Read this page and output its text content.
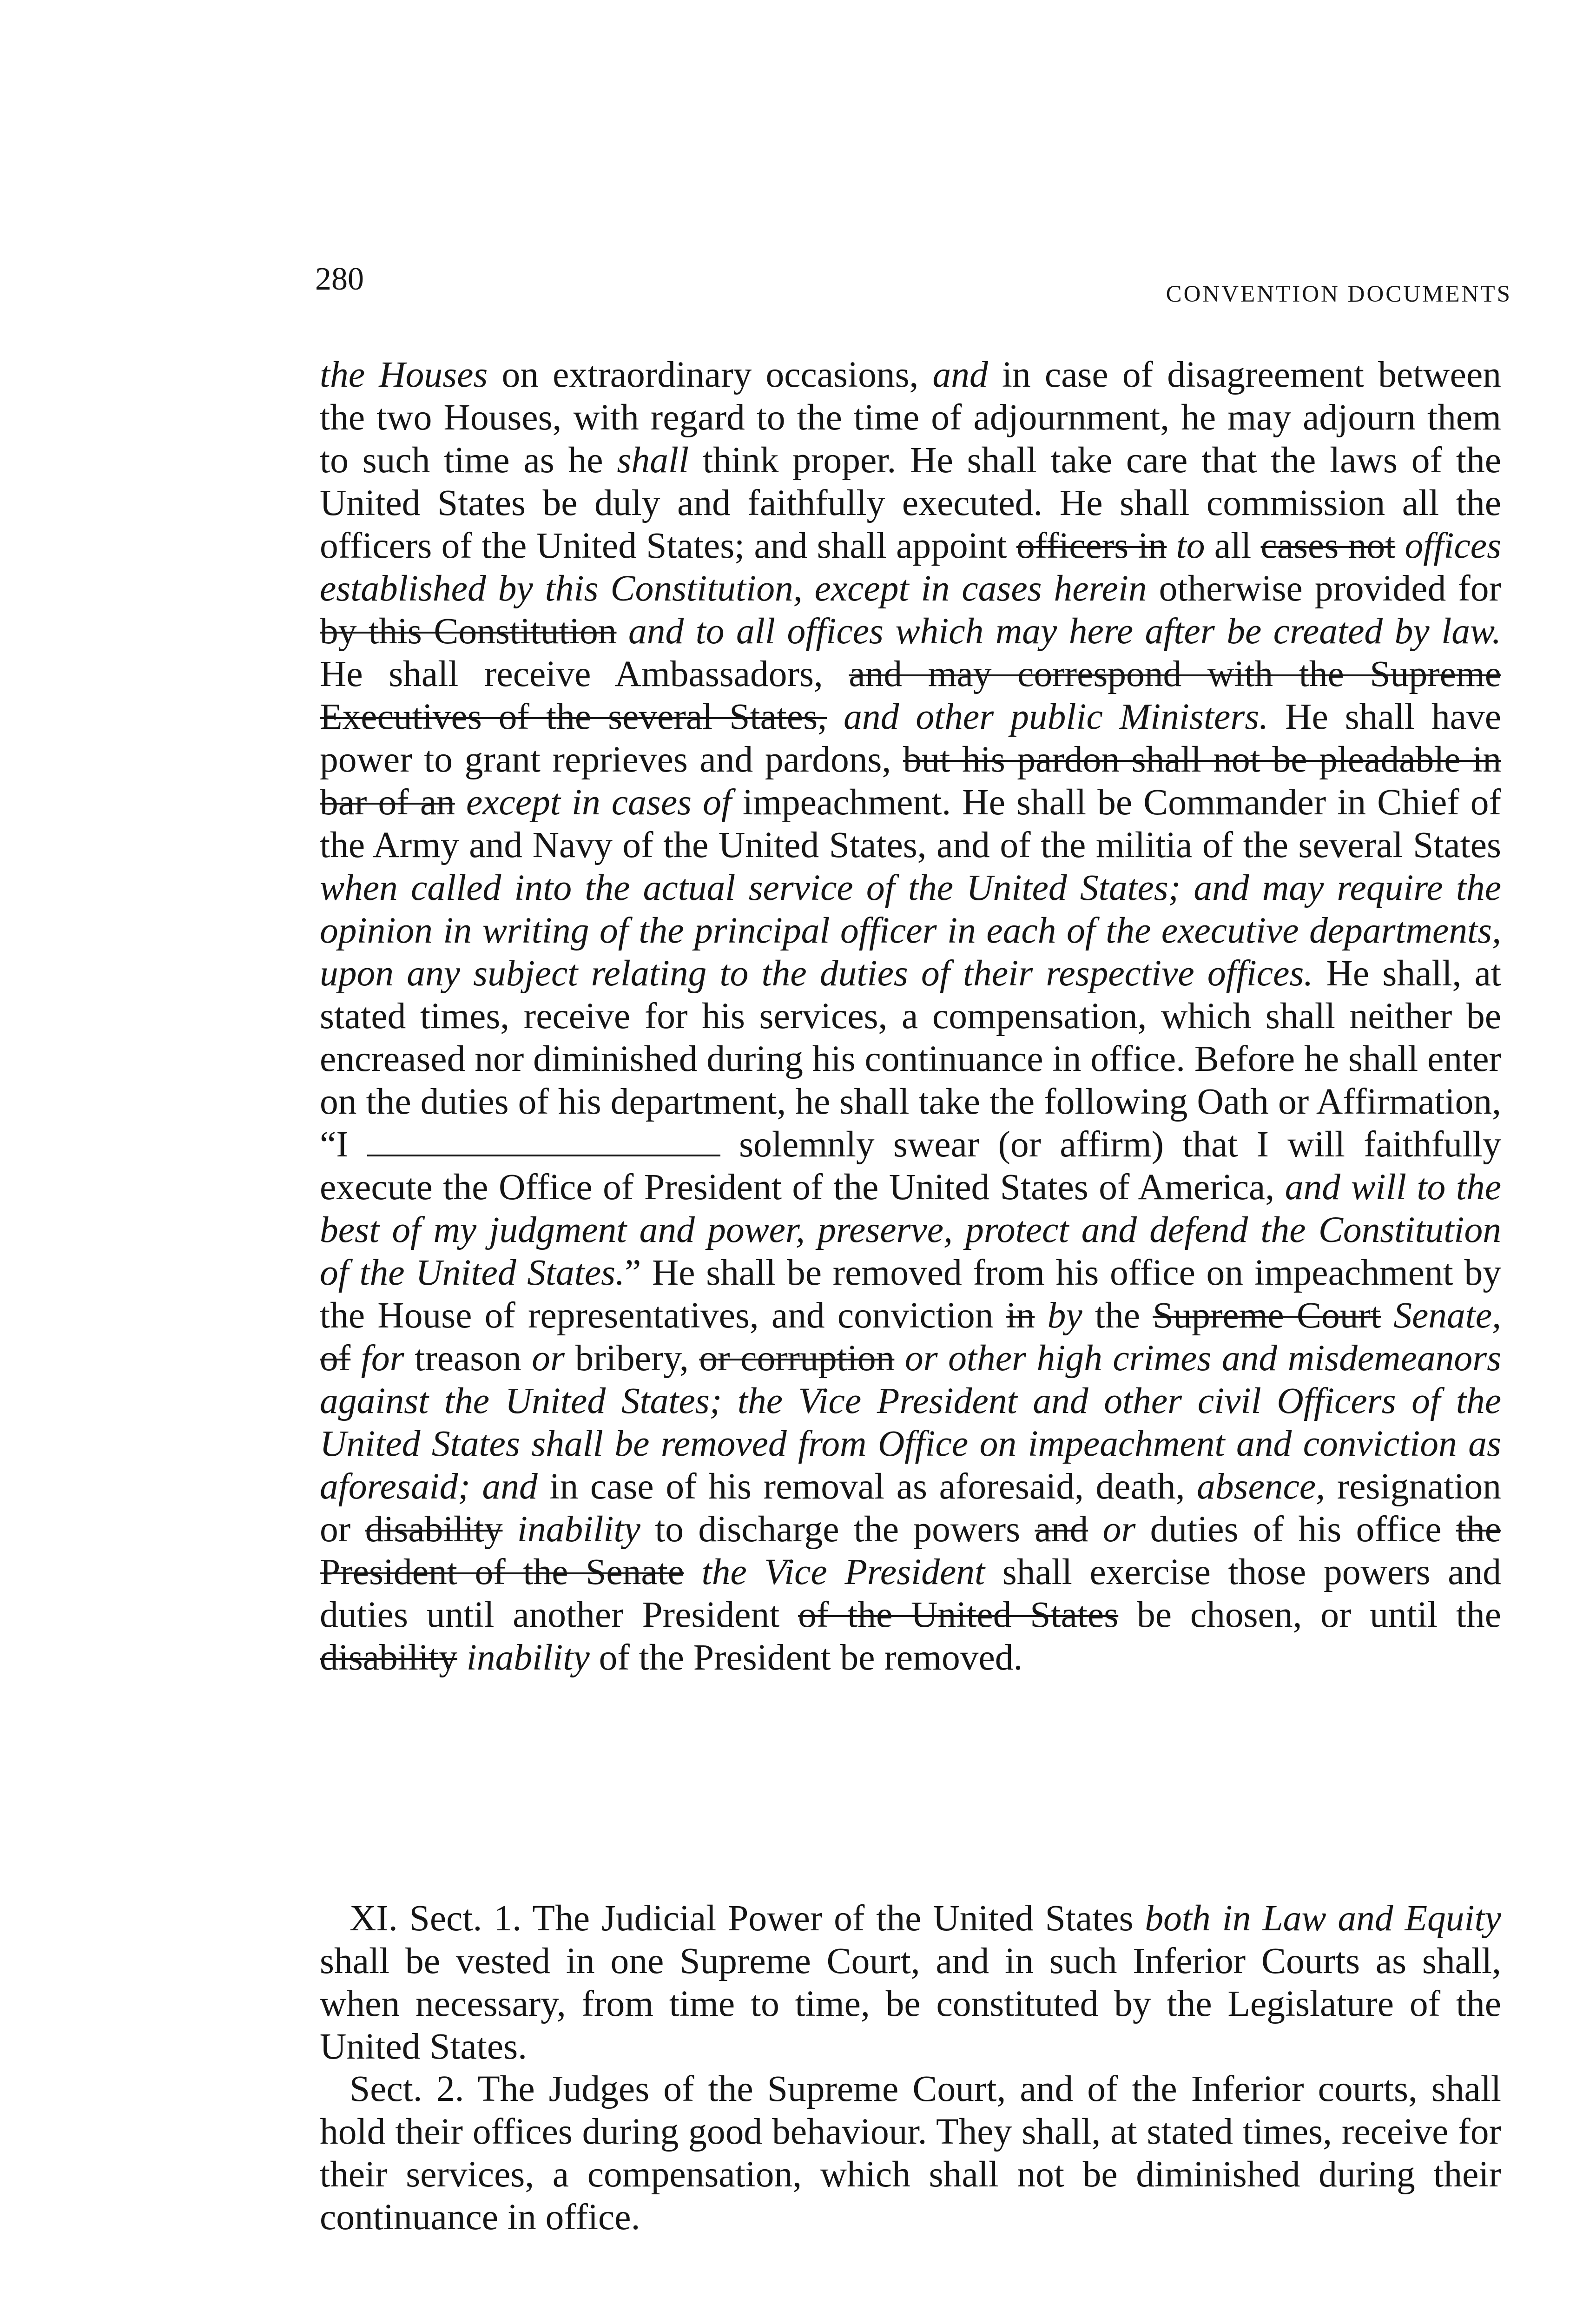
280	CONVENTION DOCUMENTS

the Houses on extraordinary occasions, and in case of disagreement between the two Houses, with regard to the time of adjournment, he may adjourn them to such time as he shall think proper. He shall take care that the laws of the United States be duly and faithfully executed. He shall commission all the officers of the United States; and shall appoint officers in to all cases not offices established by this Constitution, except in cases herein otherwise provided for by this Constitution and to all offices which may here after be created by law. He shall receive Ambassadors, and may correspond with the Supreme Executives of the several States, and other public Ministers. He shall have power to grant reprieves and pardons, but his pardon shall not be pleadable in bar of an except in cases of impeachment. He shall be Commander in Chief of the Army and Navy of the United States, and of the militia of the several States when called into the actual service of the United States; and may require the opinion in writing of the principal officer in each of the executive departments, upon any subject relating to the duties of their respective offices. He shall, at stated times, receive for his services, a compensation, which shall neither be encreased nor diminished during his continuance in office. Before he shall enter on the duties of his department, he shall take the following Oath or Affirmation, “I	solemnly swear (or affirm) that I will faithfully execute the Office of President of the United States of America, and will to the best of my judgment and power, preserve, protect and defend the Constitution of the United States.” He shall be removed from his office on impeachment by the House of representatives, and conviction in by the Supreme Court Senate, of for treason or bribery, or corruption or other high crimes and misdemeanors against the United States; the Vice President and other civil Officers of the United States shall be removed from Office on impeachment and conviction as aforesaid; and in case of his removal as aforesaid, death, absence, resignation or disability inability to discharge the powers and or duties of his office the President of the Senate the Vice President shall exercise those powers and duties until another President of the United States be chosen, or until the disability inability of the President be removed.

XI. Sect. 1. The Judicial Power of the United States both in Law and Equity shall be vested in one Supreme Court, and in such Inferior Courts as shall, when necessary, from time to time, be constituted by the Legislature of the United States.

Sect. 2. The Judges of the Supreme Court, and of the Inferior courts, shall hold their offices during good behaviour. They shall, at stated times, receive for their services, a compensation, which shall not be diminished during their continuance in office.
